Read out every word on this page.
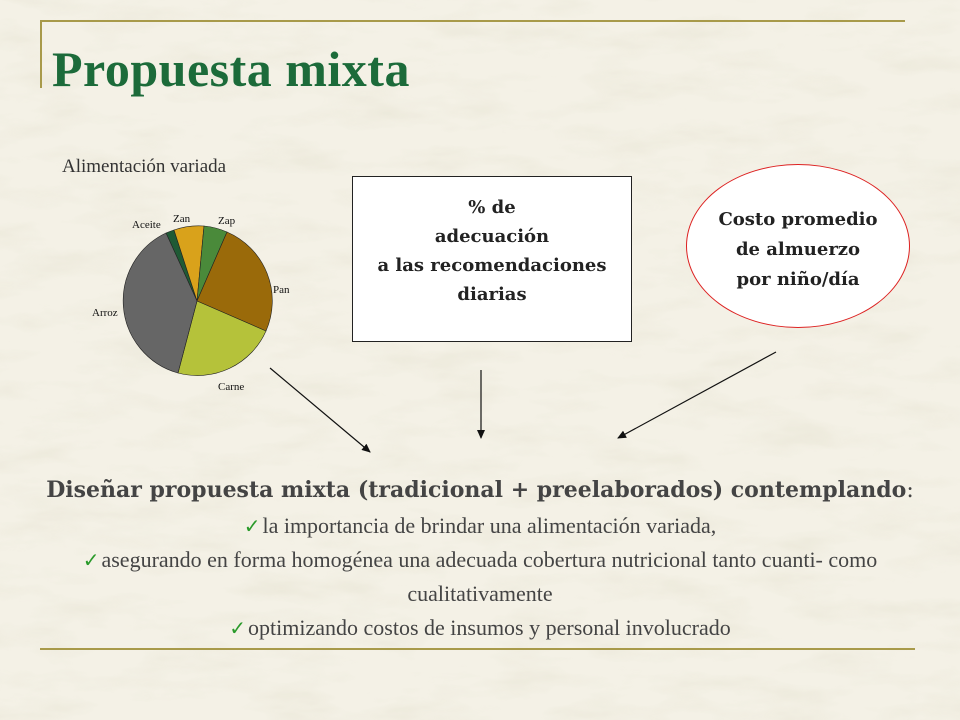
Propuesta mixta
Alimentación variada
Aceite Zan	Zap
Pan
Carne
Arroz
% de
adecuación
a las recomendaciones
diarias
Costo promedio
de almuerzo
por niño/día
Diseñar propuesta mixta (tradicional + preelaborados) contemplando:
✓la importancia de brindar una alimentación variada,
✓asegurando en forma homogénea una adecuada cobertura nutricional tanto cuanti- como cualitativamente
✓optimizando costos de insumos y personal involucrado
